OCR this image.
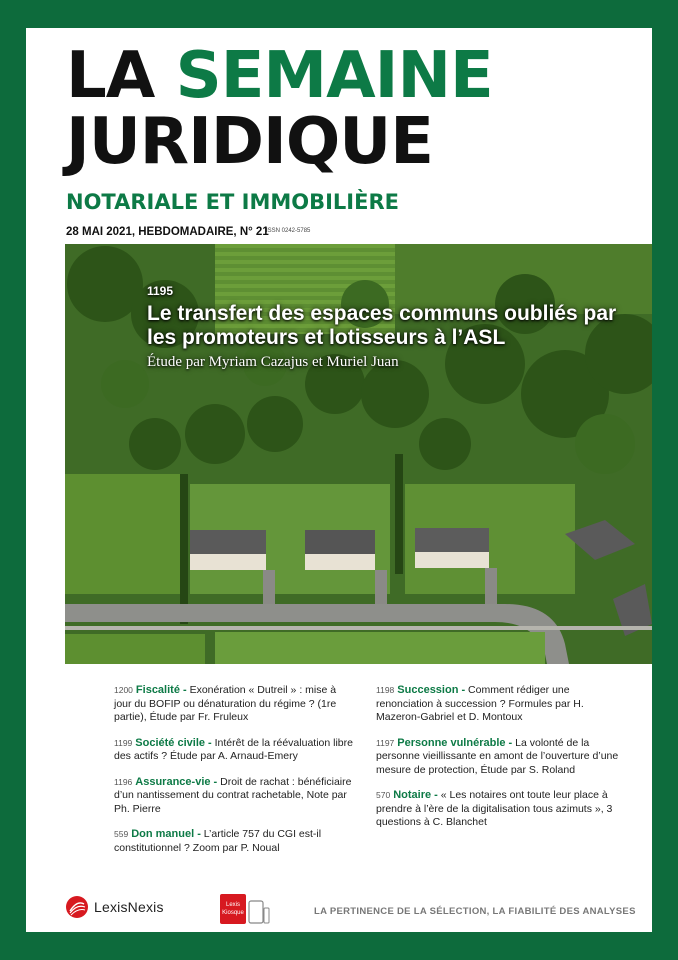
LA SEMAINE
JURIDIQUE
NOTARIALE ET IMMOBILIÈRE
28 MAI 2021, HEBDOMADAIRE, N° 21
ISSN 0242-5785
1195
Le transfert des espaces communs oubliés par les promoteurs et lotisseurs à l’ASL
Étude par Myriam Cazajus et Muriel Juan
1200 Fiscalité - Exonération « Dutreil » : mise à jour du BOFIP ou dénaturation du régime ? (1re partie), Étude par Fr. Fruleux
1199 Société civile - Intérêt de la réévaluation libre des actifs ? Étude par A. Arnaud-Emery
1196 Assurance-vie - Droit de rachat : bénéficiaire d’un nantissement du contrat rachetable, Note par Ph. Pierre
559 Don manuel - L’article 757 du CGI est-il constitutionnel ? Zoom par P. Noual
1198 Succession - Comment rédiger une renonciation à succession ? Formules par H. Mazeron-Gabriel et D. Montoux
1197 Personne vulnérable - La volonté de la personne vieillissante en amont de l’ouverture d’une mesure de protection, Étude par S. Roland
570 Notaire - « Les notaires ont toute leur place à prendre à l’ère de la digitalisation tous azimuts », 3 questions à C. Blanchet
LexisNexis	Lexis
Kiosque	LA PERTINENCE DE LA SÉLECTION, LA FIABILITÉ DES ANALYSES
